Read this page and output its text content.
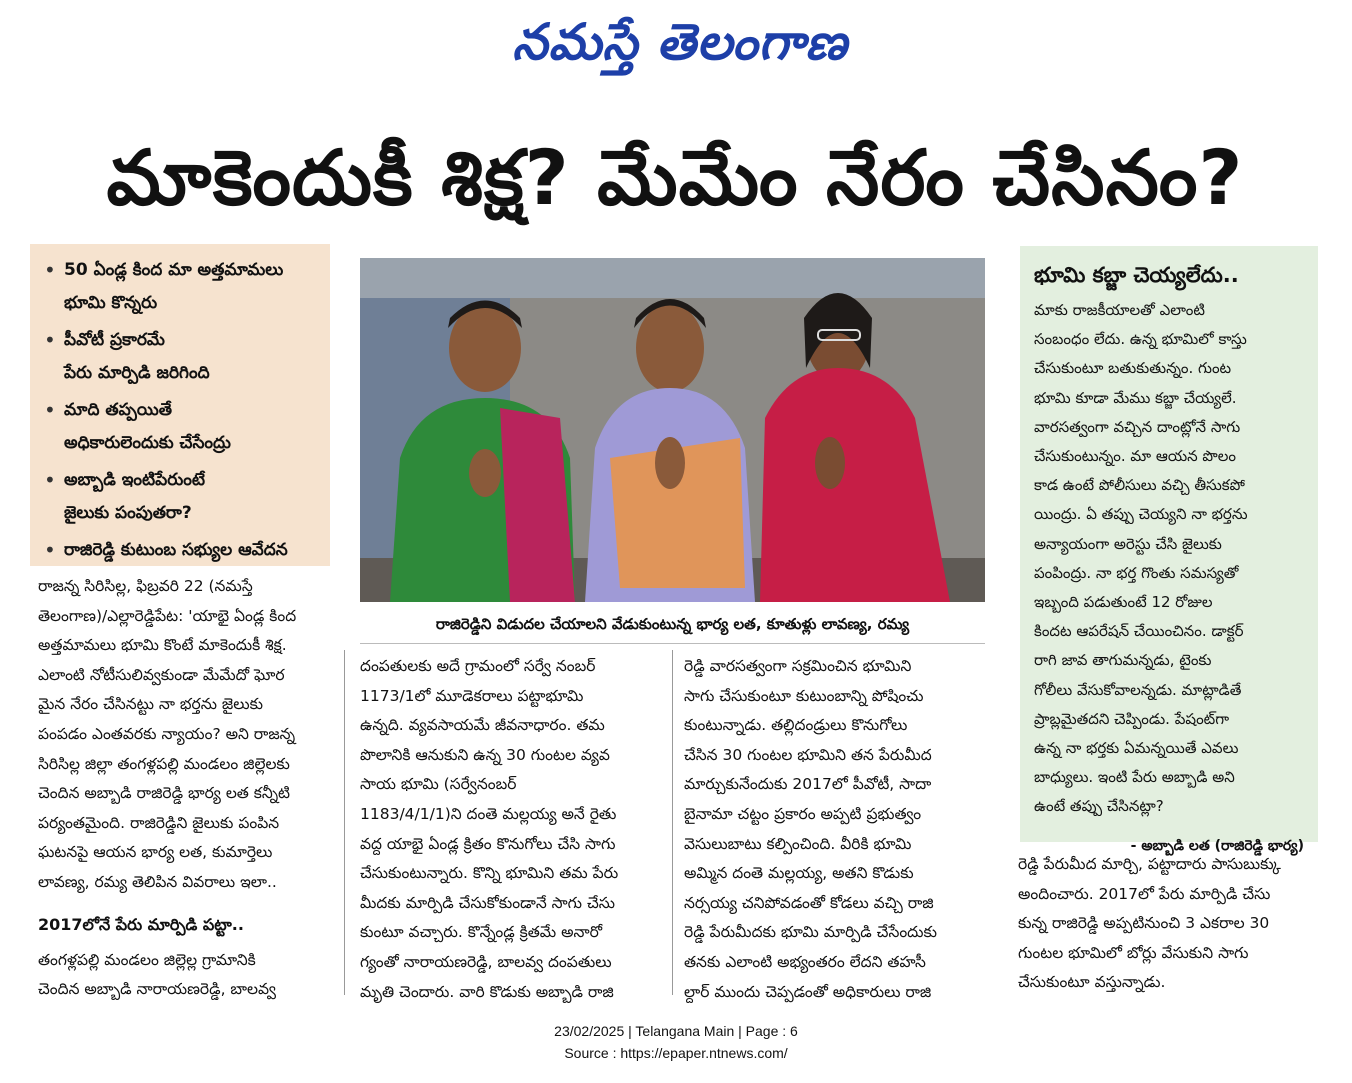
నమస్తే తెలంగాణ
మాకెందుకీ శిక్ష? మేమేం నేరం చేసినం?
• 50 ఏండ్ల కింద మా అత్తమామలు
భూమి కొన్నరు
• పీవోటీ ప్రకారమే
పేరు మార్పిడి జరిగింది
• మాది తప్పయితే
అధికారులెందుకు చేసేంద్రు
• అబ్బాడి ఇంటిపేరుంటే
జైలుకు పంపుతరా?
• రాజిరెడ్డి కుటుంబ సభ్యుల ఆవేదన
రాజిరెడ్డిని విడుదల చేయాలని వేడుకుంటున్న భార్య లత, కూతుళ్లు లావణ్య, రమ్య
భూమి కబ్జా చెయ్యలేదు..

మాకు రాజకీయాలతో ఎలాంటి

సంబంధం లేదు. ఉన్న భూమిలో కాస్తు

చేసుకుంటూ బతుకుతున్నం. గుంట

భూమి కూడా మేము కబ్జా చేయ్యలే.

వారసత్వంగా వచ్చిన దాంట్లోనే సాగు

చేసుకుంటున్నం. మా ఆయన పొలం

కాడ ఉంటే పోలీసులు వచ్చి తీసుకపో

యింద్రు. ఏ తప్పు చెయ్యని నా భర్తను

అన్యాయంగా అరెస్టు చేసి జైలుకు

పంపింద్రు. నా భర్త గొంతు సమస్యతో

ఇబ్బంది పడుతుంటే 12 రోజుల

కిందట ఆపరేషన్ చేయించినం. డాక్టర్

రాగి జావ తాగుమన్నడు, టైంకు

గోలీలు వేసుకోవాలన్నడు. మాట్లాడితే

ప్రాబ్లమైతదని చెప్పిండు. పేషంట్‌గా

ఉన్న నా భర్తకు ఏమన్నయితే ఎవలు

బాధ్యులు. ఇంటి పేరు అబ్బాడి అని

ఉంటే తప్పు చేసినట్లా?

- అబ్బాడి లత (రాజిరెడ్డి భార్య)

రాజన్న సిరిసిల్ల, ఫిబ్రవరి 22 (నమస్తే

తెలంగాణ)/ఎల్లారెడ్డిపేట: 'యాభై ఏండ్ల కింద

అత్తమామలు భూమి కొంటే మాకెందుకీ శిక్ష.

ఎలాంటి నోటీసులివ్వకుండా మేమేదో ఘోర

మైన నేరం చేసినట్టు నా భర్తను జైలుకు

పంపడం ఎంతవరకు న్యాయం? అని రాజన్న

సిరిసిల్ల జిల్లా తంగళ్లపల్లి మండలం జిల్లెలకు

చెందిన అబ్బాడి రాజిరెడ్డి భార్య లత కన్నీటి

పర్యంతమైంది. రాజిరెడ్డిని జైలుకు పంపిన

ఘటనపై ఆయన భార్య లత, కుమార్తెలు

లావణ్య, రమ్య తెలిపిన వివరాలు ఇలా..

2017లోనే పేరు మార్పిడి పట్టా..

తంగళ్లపల్లి మండలం జిల్లెల్ల గ్రామానికి

చెందిన అబ్బాడి నారాయణరెడ్డి, బాలవ్వ

దంపతులకు అదే గ్రామంలో సర్వే నంబర్

1173/1లో మూడెకరాలు పట్టాభూమి

ఉన్నది. వ్యవసాయమే జీవనాధారం. తమ

పొలానికి ఆనుకుని ఉన్న 30 గుంటల వ్యవ

సాయ భూమి (సర్వేనంబర్

1183/4/1/1)ని దంతె మల్లయ్య అనే రైతు

వద్ద యాభై ఏండ్ల క్రితం కొనుగోలు చేసి సాగు

చేసుకుంటున్నారు. కొన్ని భూమిని తమ పేరు

మీదకు మార్పిడి చేసుకోకుండానే సాగు చేసు

కుంటూ వచ్చారు. కొన్నేండ్ల క్రితమే అనారో

గ్యంతో నారాయణరెడ్డి, బాలవ్వ దంపతులు

మృతి చెందారు. వారి కొడుకు అబ్బాడి రాజి

రెడ్డి వారసత్వంగా సక్రమించిన భూమిని

సాగు చేసుకుంటూ కుటుంబాన్ని పోషించు

కుంటున్నాడు. తల్లిదండ్రులు కొనుగోలు

చేసిన 30 గుంటల భూమిని తన పేరుమీద

మార్చుకునేందుకు 2017లో పీవోటీ, సాదా

బైనామా చట్టం ప్రకారం అప్పటి ప్రభుత్వం

వెసులుబాటు కల్పించింది. వీరికి భూమి

అమ్మిన దంతె మల్లయ్య, అతని కొడుకు

నర్సయ్య చనిపోవడంతో కోడలు వచ్చి రాజి

రెడ్డి పేరుమీదకు భూమి మార్పిడి చేసేందుకు

తనకు ఎలాంటి అభ్యంతరం లేదని తహసీ

ల్దార్ ముందు చెప్పడంతో అధికారులు రాజి

రెడ్డి పేరుమీద మార్చి, పట్టాదారు పాసుబుక్కు

అందించారు. 2017లో పేరు మార్పిడి చేసు

కున్న రాజిరెడ్డి అప్పటినుంచి 3 ఎకరాల 30

గుంటల భూమిలో బోర్లు వేసుకుని సాగు

చేసుకుంటూ వస్తున్నాడు.

23/02/2025 | Telangana Main | Page : 6
Source : https://epaper.ntnews.com/
